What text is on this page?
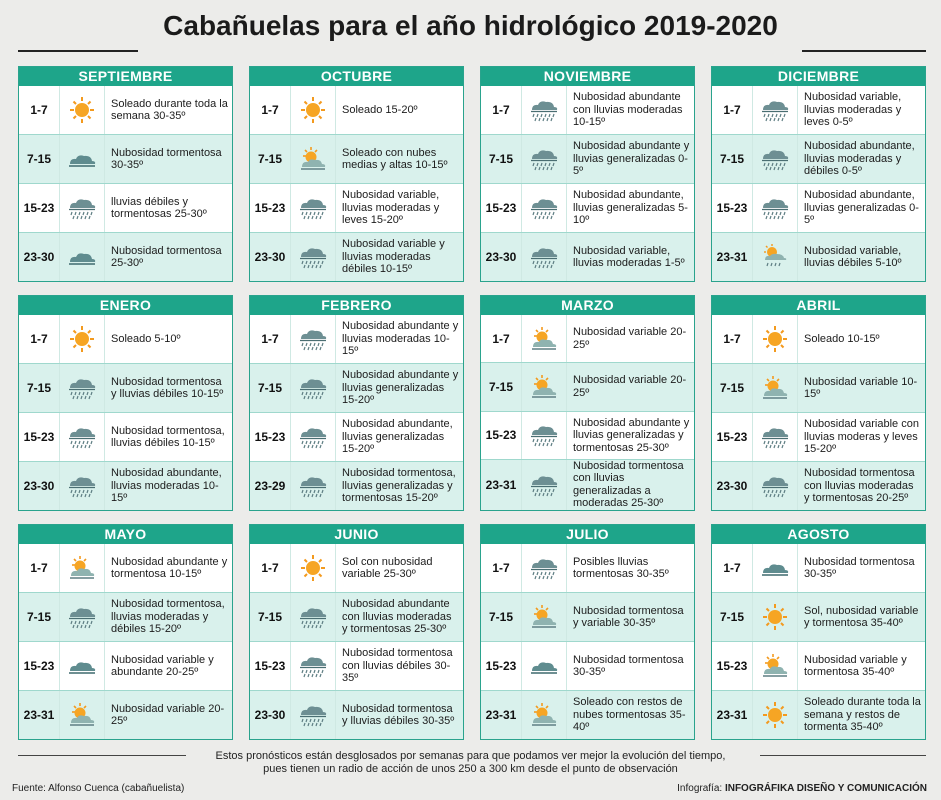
Cabañuelas para el año hidrológico 2019-2020
SEPTIEMBRE
1-7	Soleado durante toda la semana 30-35º
7-15	Nubosidad tormentosa 30-35º
15-23	lluvias débiles y tormentosas 25-30º
23-30	Nubosidad tormentosa 25-30º
OCTUBRE
1-7	Soleado 15-20º
7-15	Soleado con nubes medias y altas 10-15º
15-23
Nubosidad variable, lluvias moderadas y leves 15-20º
23-30
Nubosidad variable y lluvias moderadas débiles 10-15º
NOVIEMBRE
1-7
Nubosidad abundante con lluvias moderadas 10-15º
7-15
Nubosidad abundante y lluvias generalizadas 0-5º
15-23
Nubosidad abundante, lluvias generalizadas 5-10º
23-30	Nubosidad variable, lluvias moderadas 1-5º
DICIEMBRE
1-7
Nubosidad variable, lluvias moderadas y leves 0-5º
7-15
Nubosidad abundante, lluvias moderadas y débiles 0-5º
15-23
Nubosidad abundante, lluvias generalizadas 0-5º
23-31	Nubosidad variable, lluvias débiles 5-10º
ENERO
1-7	Soleado 5-10º
7-15	Nubosidad tormentosa y lluvias débiles 10-15º
15-23	Nubosidad tormentosa, lluvias débiles 10-15º
23-30
Nubosidad abundante, lluvias moderadas 10-15º
FEBRERO
1-7
Nubosidad abundante y lluvias moderadas 10-15º
7-15
Nubosidad abundante y lluvias generalizadas 15-20º
15-23
Nubosidad abundante, lluvias generalizadas 15-20º
23-29
Nubosidad tormentosa, lluvias generalizadas y tormentosas 15-20º
MARZO
1-7	Nubosidad variable 20-25º
7-15	Nubosidad variable 20-25º
15-23
Nubosidad abundante y lluvias generalizadas y tormentosas 25-30º
23-31
Nubosidad tormentosa con lluvias generalizadas a moderadas 25-30º
ABRIL
1-7	Soleado 10-15º
7-15	Nubosidad variable 10-15º
15-23
Nubosidad variable con lluvias moderas y leves 15-20º
23-30
Nubosidad tormentosa con lluvias moderadas y tormentosas 20-25º
MAYO
1-7	Nubosidad abundante y tormentosa 10-15º
7-15
Nubosidad tormentosa, lluvias moderadas y débiles 15-20º
15-23	Nubosidad variable y abundante 20-25º
23-31	Nubosidad variable 20-25º
JUNIO
1-7	Sol con nubosidad variable 25-30º
7-15
Nubosidad abundante con lluvias moderadas y tormentosas 25-30º
15-23
Nubosidad tormentosa con lluvias débiles 30-35º
23-30	Nubosidad tormentosa y lluvias débiles 30-35º
JULIO
1-7	Posibles lluvias tormentosas 30-35º
7-15	Nubosidad tormentosa y variable 30-35º
15-23	Nubosidad tormentosa 30-35º
23-31
Soleado con restos de nubes tormentosas 35-40º
AGOSTO
1-7	Nubosidad tormentosa 30-35º
7-15	Sol, nubosidad variable y tormentosa 35-40º
15-23	Nubosidad variable y tormentosa 35-40º
23-31
Soleado durante toda la semana y restos de tormenta 35-40º
Estos pronósticos están desglosados por semanas para que podamos ver mejor la evolución del tiempo,
pues tienen un radio de acción de unos 250 a 300 km desde el punto de observación
Fuente: Alfonso Cuenca (cabañuelista)	Infografía: INFOGRÁFIKA DISEÑO Y COMUNICACIÓN
